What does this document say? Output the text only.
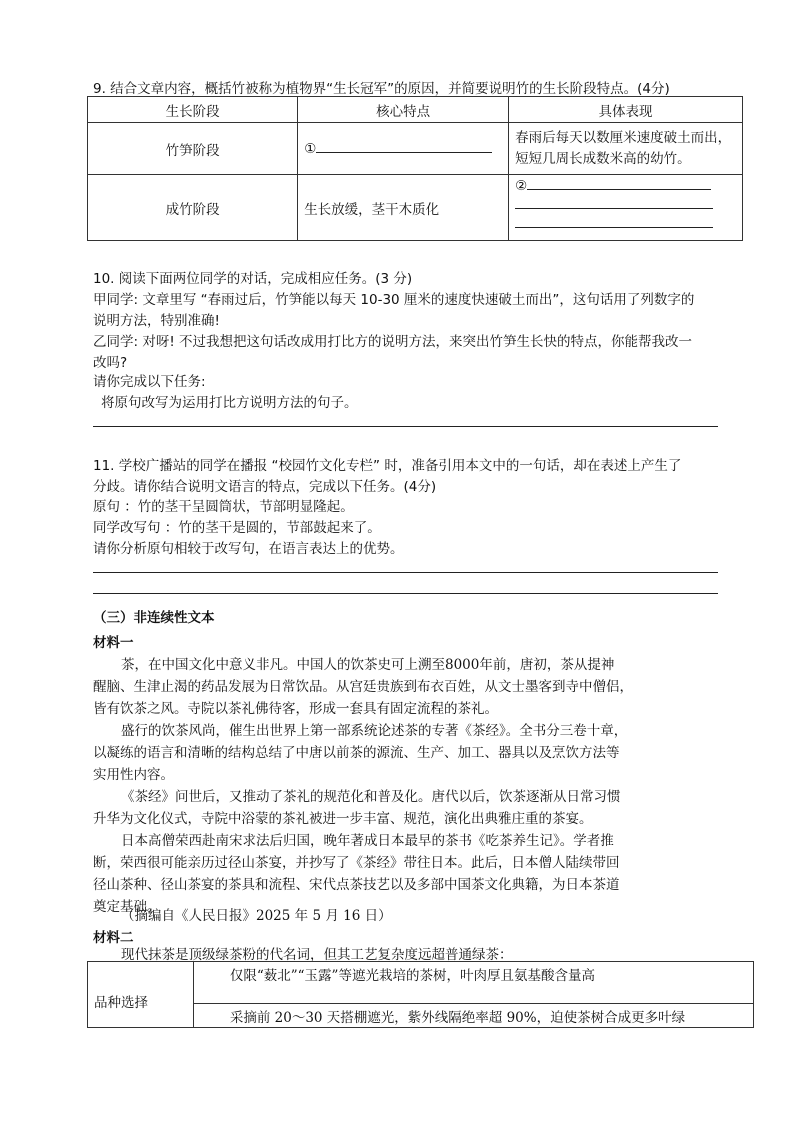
9. 结合文章内容，概括竹被称为植物界“生长冠军”的原因，并简要说明竹的生长阶段特点。(4分)
生长阶段	核心特点	具体表现
竹笋阶段	①	春雨后每天以数厘米速度破土而出，
短短几周长成数米高的幼竹。

成竹阶段	生长放缓，茎干木质化	②
10. 阅读下面两位同学的对话，完成相应任务。(3 分)
甲同学: 文章里写 “春雨过后，竹笋能以每天 10-30 厘米的速度快速破土而出”，这句话用了列数字的
说明方法，特别准确!
乙同学: 对呀! 不过我想把这句话改成用打比方的说明方法，来突出竹笋生长快的特点，你能帮我改一
改吗?
请你完成以下任务:
将原句改写为运用打比方说明方法的句子。
11. 学校广播站的同学在播报 “校园竹文化专栏” 时，准备引用本文中的一句话，却在表述上产生了
分歧。请你结合说明文语言的特点，完成以下任务。(4分)
原句 ：竹的茎干呈圆筒状，节部明显隆起。
同学改写句 ：竹的茎干是圆的，节部鼓起来了。
请你分析原句相较于改写句，在语言表达上的优势。
（三）非连续性文本
材料一
茶，在中国文化中意义非凡。中国人的饮茶史可上溯至8000年前，唐初，茶从提神
醒脑、生津止渴的药品发展为日常饮品。从宫廷贵族到布衣百姓，从文士墨客到寺中僧侣，
皆有饮茶之风。寺院以茶礼佛待客，形成一套具有固定流程的茶礼。
盛行的饮茶风尚，催生出世界上第一部系统论述茶的专著《茶经》。全书分三卷十章，
以凝练的语言和清晰的结构总结了中唐以前茶的源流、生产、加工、器具以及烹饮方法等
实用性内容。
《茶经》问世后，又推动了茶礼的规范化和普及化。唐代以后，饮茶逐渐从日常习惯
升华为文化仪式，寺院中浴蒙的茶礼被进一步丰富、规范，演化出典雅庄重的茶宴。
日本高僧荣西赴南宋求法后归国，晚年著成日本最早的茶书《吃茶养生记》。学者推
断，荣西很可能亲历过径山茶宴，并抄写了《茶经》带往日本。此后，日本僧人陆续带回
径山茶种、径山茶宴的茶具和流程、宋代点茶技艺以及多部中国茶文化典籍，为日本茶道
奠定基础。
（摘编自《人民日报》2025 年 5 月 16 日）
材料二
现代抹茶是顶级绿茶粉的代名词，但其工艺复杂度远超普通绿茶：
品种选择	仅限“薮北”“玉露”等遮光栽培的茶树，叶肉厚且氨基酸含量高
采摘前 20～30 天搭棚遮光，紫外线隔绝率超 90%，迫使茶树合成更多叶绿
